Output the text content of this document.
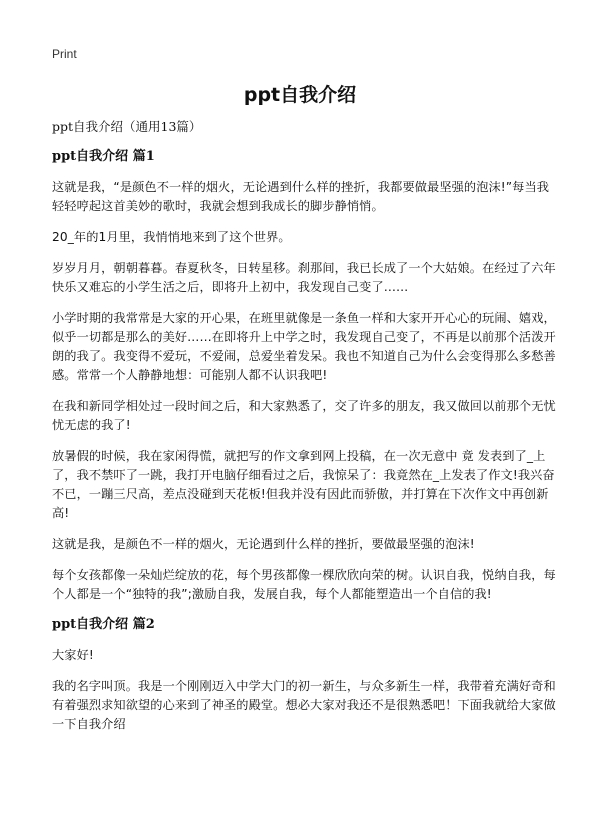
Print
ppt自我介绍
ppt自我介绍（通用13篇）
ppt自我介绍 篇1

这就是我，“是颜色不一样的烟火，无论遇到什么样的挫折，我都要做最坚强的泡沫!”每当我轻轻哼起这首美妙的歌时，我就会想到我成长的脚步静悄悄。

20_年的1月里，我悄悄地来到了这个世界。

岁岁月月，朝朝暮暮。春夏秋冬，日转星移。刹那间，我已长成了一个大姑娘。在经过了六年快乐又难忘的小学生活之后，即将升上初中，我发现自己变了……

小学时期的我常常是大家的开心果，在班里就像是一条鱼一样和大家开开心心的玩闹、嬉戏，似乎一切都是那么的美好……在即将升上中学之时，我发现自己变了，不再是以前那个活泼开朗的我了。我变得不爱玩，不爱闹，总爱坐着发呆。我也不知道自己为什么会变得那么多愁善感。常常一个人静静地想：可能别人都不认识我吧!

在我和新同学相处过一段时间之后，和大家熟悉了，交了许多的朋友，我又做回以前那个无忧忧无虑的我了!

放暑假的时候，我在家闲得慌，就把写的作文拿到网上投稿，在一次无意中 竟 发表到了_上了，我不禁吓了一跳，我打开电脑仔细看过之后，我惊呆了：我竟然在_上发表了作文!我兴奋不已，一蹦三尺高，差点没碰到天花板!但我并没有因此而骄傲，并打算在下次作文中再创新高!

这就是我，是颜色不一样的烟火，无论遇到什么样的挫折，要做最坚强的泡沫!

每个女孩都像一朵灿烂绽放的花，每个男孩都像一棵欣欣向荣的树。认识自我，悦纳自我，每个人都是一个“独特的我”;激励自我，发展自我，每个人都能塑造出一个自信的我!

ppt自我介绍 篇2

大家好!

我的名字叫顶。我是一个刚刚迈入中学大门的初一新生，与众多新生一样，我带着充满好奇和有着强烈求知欲望的心来到了神圣的殿堂。想必大家对我还不是很熟悉吧！下面我就给大家做一下自我介绍
